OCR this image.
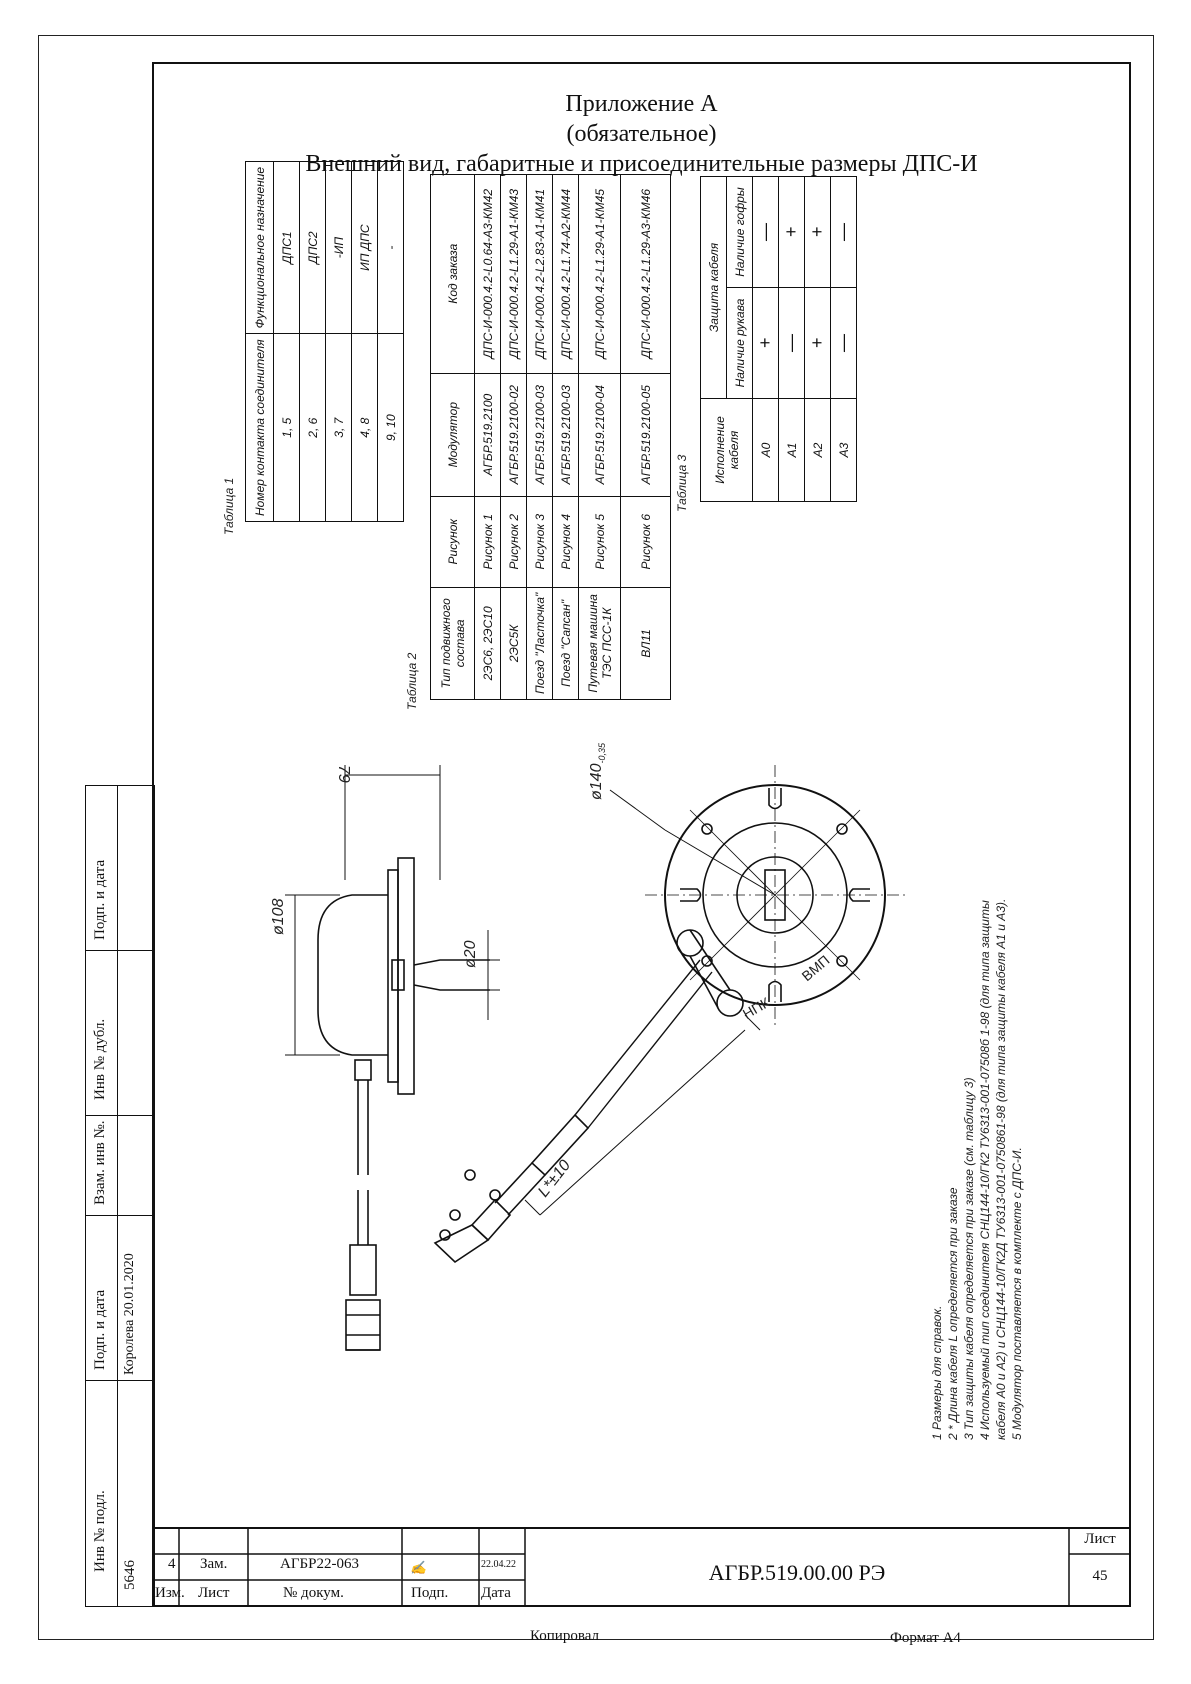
Приложение А
(обязательное)
Внешний вид, габаритные и присоединительные размеры ДПС-И
Таблица 1 Номер контакта соединителя	Функциональное назначение
1, 5	ДПС1
2, 6	ДПС2
3, 7	-ИП
4, 8	ИП ДПС
9, 10	-
Таблица 2 Тип подвижного состава	Рисунок	Модулятор	Код заказа
2ЭС6, 2ЭС10	Рисунок 1	АГБР.519.2100	ДПС-И-000.4.2-L0.64-А3-КМ42
2ЭС5К	Рисунок 2	АГБР.519.2100-02	ДПС-И-000.4.2-L1.29-А1-КМ43
Поезд "Ласточка"	Рисунок 3	АГБР.519.2100-03	ДПС-И-000.4.2-L2.83-А1-КМ41
Поезд "Сапсан"	Рисунок 4	АГБР.519.2100-03	ДПС-И-000.4.2-L1.74-А2-КМ44
Путевая машина ТЭС ПСС-1К	Рисунок 5	АГБР.519.2100-04	ДПС-И-000.4.2-L1.29-А1-КМ45
ВЛ11	Рисунок 6	АГБР.519.2100-05	ДПС-И-000.4.2-L1.29-А3-КМ46
Таблица 3 Исполнение кабеля	Защита кабеля	
	Наличие рукава	Наличие гофры
А0	+	—
А1	—	+
А2	+	+
А3	—	—
79
ø108
ø20
$ø140_{-0,35}$
L*±10
ВМП
НПК
1 Размеры для справок. 2 * Длина кабеля L определяется при заказе 3 Тип защиты кабеля определяется при заказе (см. таблицу 3) 4 Используемый тип соединителя СНЦ144-10/ГК2 ТУ6313-001-07508б 1-98 (для типа защиты кабеля А0 и А2) и СНЦ144-10/ГК2Д ТУ6313-001-0750861-98 (для типа защиты кабеля А1 и А3). 5 Модулятор поставляется в комплекте с ДПС-И.
Подп. и дата
Инв № дубл.
Взам. инв №.
Подп. и дата
Инв № подл.
Королева 20.01.2020
5646 4 Зам.	АГБР22-063	✍	22.04.22
Изм. Лист	№ докум.	Подп. Дата
АГБР.519.00.00 РЭ
Лист
45
Копировал	Формат А4
